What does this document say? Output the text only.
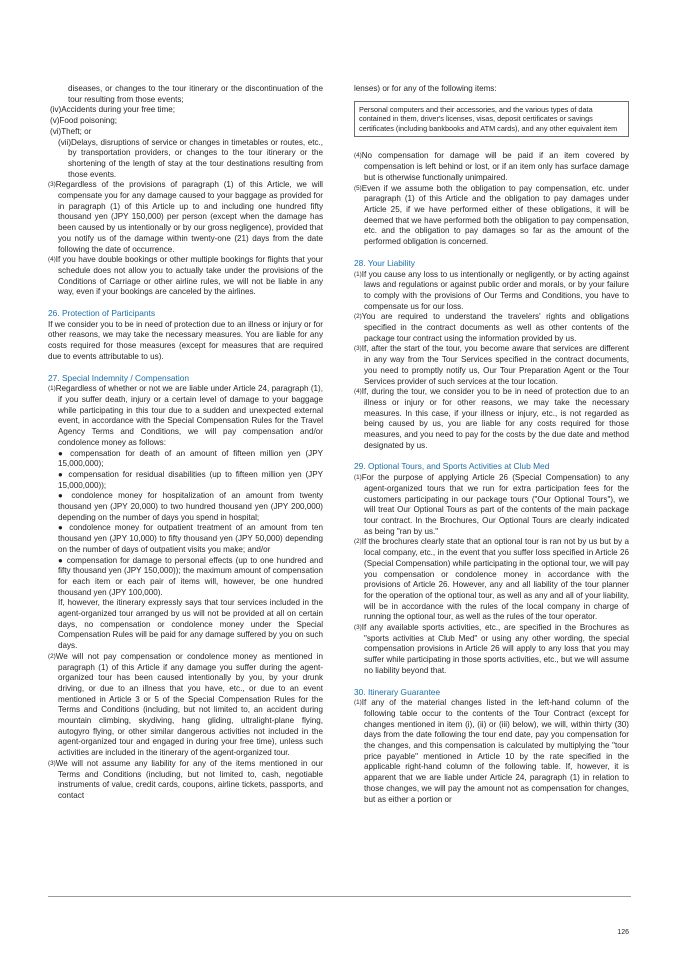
diseases, or changes to the tour itinerary or the discontinuation of the tour resulting from those events;

(iv)Accidents during your free time;

(v)Food poisoning;

(vi)Theft; or

(vii)Delays, disruptions of service or changes in timetables or routes, etc., by transportation providers, or changes to the tour itinerary or the shortening of the length of stay at the tour destinations resulting from those events.

(3)Regardless of the provisions of paragraph (1) of this Article, we will compensate you for any damage caused to your baggage as provided for in paragraph (1) of this Article up to and including one hundred fifty thousand yen (JPY 150,000) per person (except when the damage has been caused by us intentionally or by our gross negligence), provided that you notify us of the damage within twenty-one (21) days from the date following the date of occurrence.

(4)If you have double bookings or other multiple bookings for flights that your schedule does not allow you to actually take under the provisions of the Conditions of Carriage or other airline rules, we will not be liable in any way, even if your bookings are canceled by the airlines.

26. Protection of Participants

If we consider you to be in need of protection due to an illness or injury or for other reasons, we may take the necessary measures. You are liable for any costs required for those measures (except for measures that are required due to events attributable to us).

27. Special Indemnity / Compensation

(1)Regardless of whether or not we are liable under Article 24, paragraph (1), if you suffer death, injury or a certain level of damage to your baggage while participating in this tour due to a sudden and unexpected external event, in accordance with the Special Compensation Rules for the Travel Agency Terms and Conditions, we will pay compensation and/or condolence money as follows:

● compensation for death of an amount of fifteen million yen (JPY 15,000,000);

● compensation for residual disabilities (up to fifteen million yen (JPY 15,000,000));

● condolence money for hospitalization of an amount from twenty thousand yen (JPY 20,000) to two hundred thousand yen (JPY 200,000) depending on the number of days you spend in hospital;

● condolence money for outpatient treatment of an amount from ten thousand yen (JPY 10,000) to fifty thousand yen (JPY 50,000) depending on the number of days of outpatient visits you make; and/or

● compensation for damage to personal effects (up to one hundred and fifty thousand yen (JPY 150,000)); the maximum amount of compensation for each item or each pair of items will, however, be one hundred thousand yen (JPY 100,000).

If, however, the itinerary expressly says that tour services included in the agent-organized tour arranged by us will not be provided at all on certain days, no compensation or condolence money under the Special Compensation Rules will be paid for any damage suffered by you on such days.

(2)We will not pay compensation or condolence money as mentioned in paragraph (1) of this Article if any damage you suffer during the agent-organized tour has been caused intentionally by you, by your drunk driving, or due to an illness that you have, etc., or due to an event mentioned in Article 3 or 5 of the Special Compensation Rules for the Terms and Conditions (including, but not limited to, an accident during mountain climbing, skydiving, hang gliding, ultralight-plane flying, autogyro flying, or other similar dangerous activities not included in the agent-organized tour and engaged in during your free time), unless such activities are included in the itinerary of the agent-organized tour.

(3)We will not assume any liability for any of the items mentioned in our Terms and Conditions (including, but not limited to, cash, negotiable instruments of value, credit cards, coupons, airline tickets, passports, and contact

lenses) or for any of the following items:

Personal computers and their accessories, and the various types of data contained in them, driver's licenses, visas, deposit certificates or savings certificates (including bankbooks and ATM cards), and any other equivalent item

(4)No compensation for damage will be paid if an item covered by compensation is left behind or lost, or if an item only has surface damage but is otherwise functionally unimpaired.

(5)Even if we assume both the obligation to pay compensation, etc. under paragraph (1) of this Article and the obligation to pay damages under Article 25, if we have performed either of these obligations, it will be deemed that we have performed both the obligation to pay compensation, etc. and the obligation to pay damages so far as the amount of the performed obligation is concerned.

28. Your Liability

(1)If you cause any loss to us intentionally or negligently, or by acting against laws and regulations or against public order and morals, or by your failure to comply with the provisions of Our Terms and Conditions, you have to compensate us for our loss.

(2)You are required to understand the travelers' rights and obligations specified in the contract documents as well as other contents of the package tour contract using the information provided by us.

(3)If, after the start of the tour, you become aware that services are different in any way from the Tour Services specified in the contract documents, you need to promptly notify us, Our Tour Preparation Agent or the Tour Services provider of such services at the tour location.

(4)If, during the tour, we consider you to be in need of protection due to an illness or injury or for other reasons, we may take the necessary measures. In this case, if your illness or injury, etc., is not regarded as being caused by us, you are liable for any costs required for those measures, and you need to pay for the costs by the due date and method designated by us.

29. Optional Tours, and Sports Activities at Club Med

(1)For the purpose of applying Article 26 (Special Compensation) to any agent-organized tours that we run for extra participation fees for the customers participating in our package tours ("Our Optional Tours"), we will treat Our Optional Tours as part of the contents of the main package tour contract. In the Brochures, Our Optional Tours are clearly indicated as being "ran by us."

(2)If the brochures clearly state that an optional tour is ran not by us but by a local company, etc., in the event that you suffer loss specified in Article 26 (Special Compensation) while participating in the optional tour, we will pay you compensation or condolence money in accordance with the provisions of Article 26. However, any and all liability of the tour planner for the operation of the optional tour, as well as any and all of your liability, will be in accordance with the rules of the local company in charge of running the optional tour, as well as the rules of the tour operator.

(3)If any available sports activities, etc., are specified in the Brochures as "sports activities at Club Med" or using any other wording, the special compensation provisions in Article 26 will apply to any loss that you may suffer while participating in those sports activities, etc., but we will assume no liability beyond that.

30. Itinerary Guarantee

(1)If any of the material changes listed in the left-hand column of the following table occur to the contents of the Tour Contract (except for changes mentioned in item (i), (ii) or (iii) below), we will, within thirty (30) days from the date following the tour end date, pay you compensation for the changes, and this compensation is calculated by multiplying the "tour price payable" mentioned in Article 10 by the rate specified in the applicable right-hand column of the following table. If, however, it is apparent that we are liable under Article 24, paragraph (1) in relation to those changes, we will pay the amount not as compensation for changes, but as either a portion or

126
